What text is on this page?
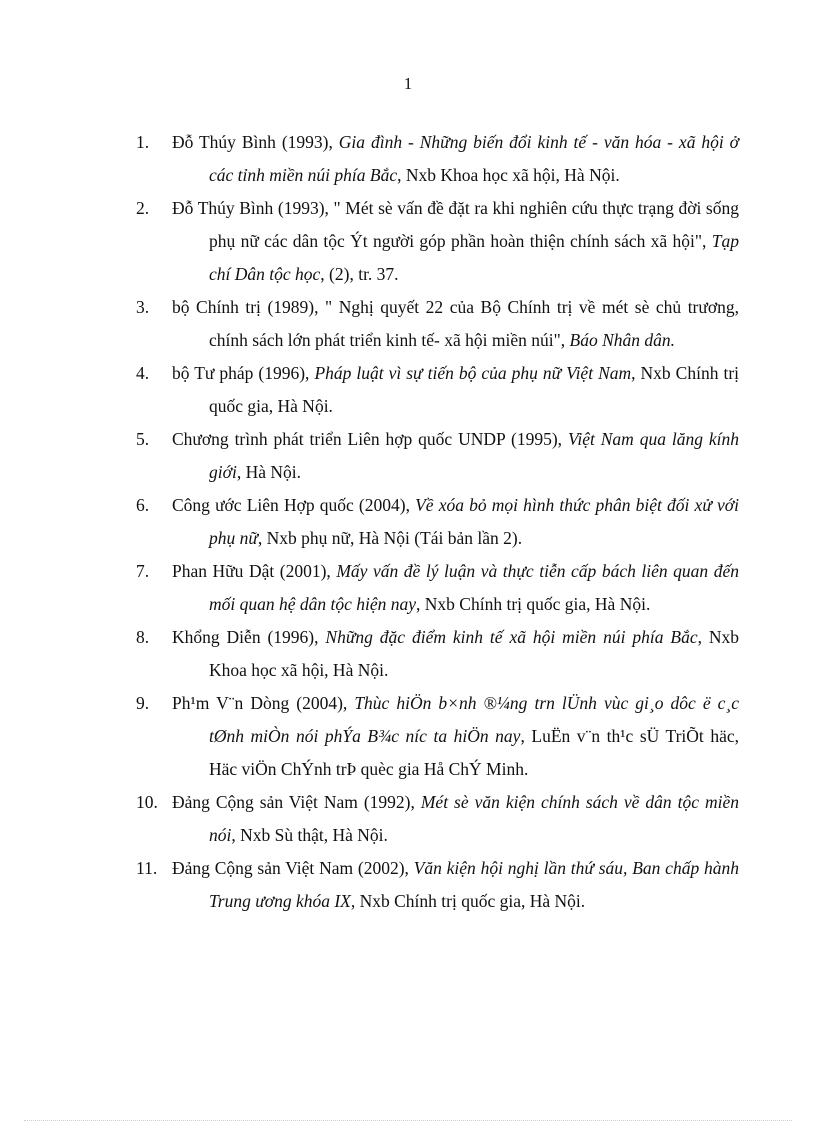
1
1.	Đỗ Thúy Bình (1993), Gia đình - Những biến đổi kinh tế - văn hóa - xã hội ở các tỉnh miền núi phía Bắc, Nxb Khoa học xã hội, Hà Nội.
2.	Đỗ Thúy Bình (1993), " Mét sè vấn đề đặt ra khi nghiên cứu thực trạng đời sống phụ nữ các dân tộc Ýt người góp phần hoàn thiện chính sách xã hội", Tạp chí Dân tộc học, (2), tr. 37.
3.	bộ Chính trị (1989), " Nghị quyết 22 của Bộ Chính trị về mét sè chủ trương, chính sách lớn phát triển kinh tế- xã hội miền núi", Báo Nhân dân.
4.	bộ Tư pháp (1996), Pháp luật vì sự tiến bộ của phụ nữ Việt Nam, Nxb Chính trị quốc gia, Hà Nội.
5.	Chương trình phát triển Liên hợp quốc UNDP (1995), Việt Nam qua lăng kính giới, Hà Nội.
6.	Công ước Liên Hợp quốc (2004), Về xóa bỏ mọi hình thức phân biệt đối xử với phụ nữ, Nxb phụ nữ, Hà Nội (Tái bản lần 2).
7.	Phan Hữu Dật (2001), Mấy vấn đề lý luận và thực tiễn cấp bách liên quan đến mối quan hệ dân tộc hiện nay, Nxb Chính trị quốc gia, Hà Nội.
8.	Khổng Diễn (1996), Những đặc điểm kinh tế xã hội miền núi phía Bắc, Nxb Khoa học xã hội, Hà Nội.
9.	Ph¹m V¨n Dòng (2004), Thùc hiÖn b×nh ®¼ng trn lÜnh vùc gi¸o dôc ë c¸c tØnh miÒn nói phÝa B¾c níc ta hiÖn nay, LuËn v¨n th¹c sÜ TriÕt häc, Häc viÖn ChÝnh trÞ quèc gia Hå ChÝ Minh.
10. Đảng Cộng sản Việt Nam (1992), Mét sè văn kiện chính sách về dân tộc miền nói, Nxb Sù thật, Hà Nội.
11. Đảng Cộng sản Việt Nam (2002), Văn kiện hội nghị lần thứ sáu, Ban chấp hành Trung ương khóa IX, Nxb Chính trị quốc gia, Hà Nội.
